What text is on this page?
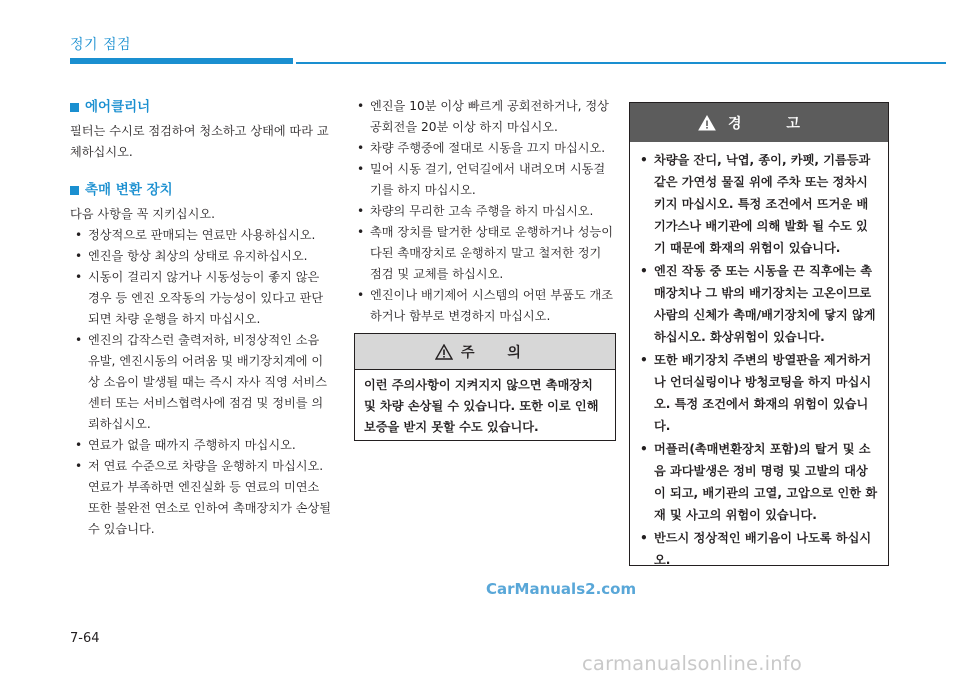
정기 점검
에어클리너

필터는 수시로 점검하여 청소하고 상태에 따라 교체하십시오.

촉매 변환 장치

다음 사항을 꼭 지키십시오.

• 정상적으로 판매되는 연료만 사용하십시오.
• 엔진을 항상 최상의 상태로 유지하십시오.
• 시동이 걸리지 않거나 시동성능이 좋지 않은 경우 등 엔진 오작동의 가능성이 있다고 판단되면 차량 운행을 하지 마십시오.
• 엔진의 갑작스런 출력저하, 비정상적인 소음 유발, 엔진시동의 어려움 및 배기장치계에 이상 소음이 발생될 때는 즉시 자사 직영 서비스센터 또는 서비스협력사에 점검 및 정비를 의뢰하십시오.
• 연료가 없을 때까지 주행하지 마십시오.
• 저 연료 수준으로 차량을 운행하지 마십시오. 연료가 부족하면 엔진실화 등 연료의 미연소 또한 불완전 연소로 인하여 촉매장치가 손상될 수 있습니다.
• 엔진을 10분 이상 빠르게 공회전하거나, 정상 공회전을 20분 이상 하지 마십시오.
• 차량 주행중에 절대로 시동을 끄지 마십시오.
• 밀어 시동 걸기, 언덕길에서 내려오며 시동걸기를 하지 마십시오.
• 차량의 무리한 고속 주행을 하지 마십시오.
• 촉매 장치를 탈거한 상태로 운행하거나 성능이 다된 촉매장치로 운행하지 말고 철저한 정기 점검 및 교체를 하십시오.
• 엔진이나 배기제어 시스템의 어떤 부품도 개조 하거나 함부로 변경하지 마십시오.
주 의
이런 주의사항이 지켜지지 않으면 촉매장치 및 차량 손상될 수 있습니다. 또한 이로 인해 보증을 받지 못할 수도 있습니다.
경 고
• 차량을 잔디, 낙엽, 종이, 카펫, 기름등과 같은 가연성 물질 위에 주차 또는 정차시키지 마십시오. 특정 조건에서 뜨거운 배기가스나 배기관에 의해 발화 될 수도 있기 때문에 화재의 위험이 있습니다.
• 엔진 작동 중 또는 시동을 끈 직후에는 촉매장치나 그 밖의 배기장치는 고온이므로 사람의 신체가 촉매/배기장치에 닿지 않게 하십시오. 화상위험이 있습니다.
• 또한 배기장치 주변의 방열판을 제거하거나 언더실링이나 방청코팅을 하지 마십시오. 특정 조건에서 화재의 위험이 있습니다.
• 머플러(촉매변환장치 포함)의 탈거 및 소음 과다발생은 정비 명령 및 고발의 대상이 되고, 배기관의 고열, 고압으로 인한 화재 및 사고의 위험이 있습니다.
• 반드시 정상적인 배기음이 나도록 하십시오.
CarManuals2.com
7-64
carmanualsonline.info
